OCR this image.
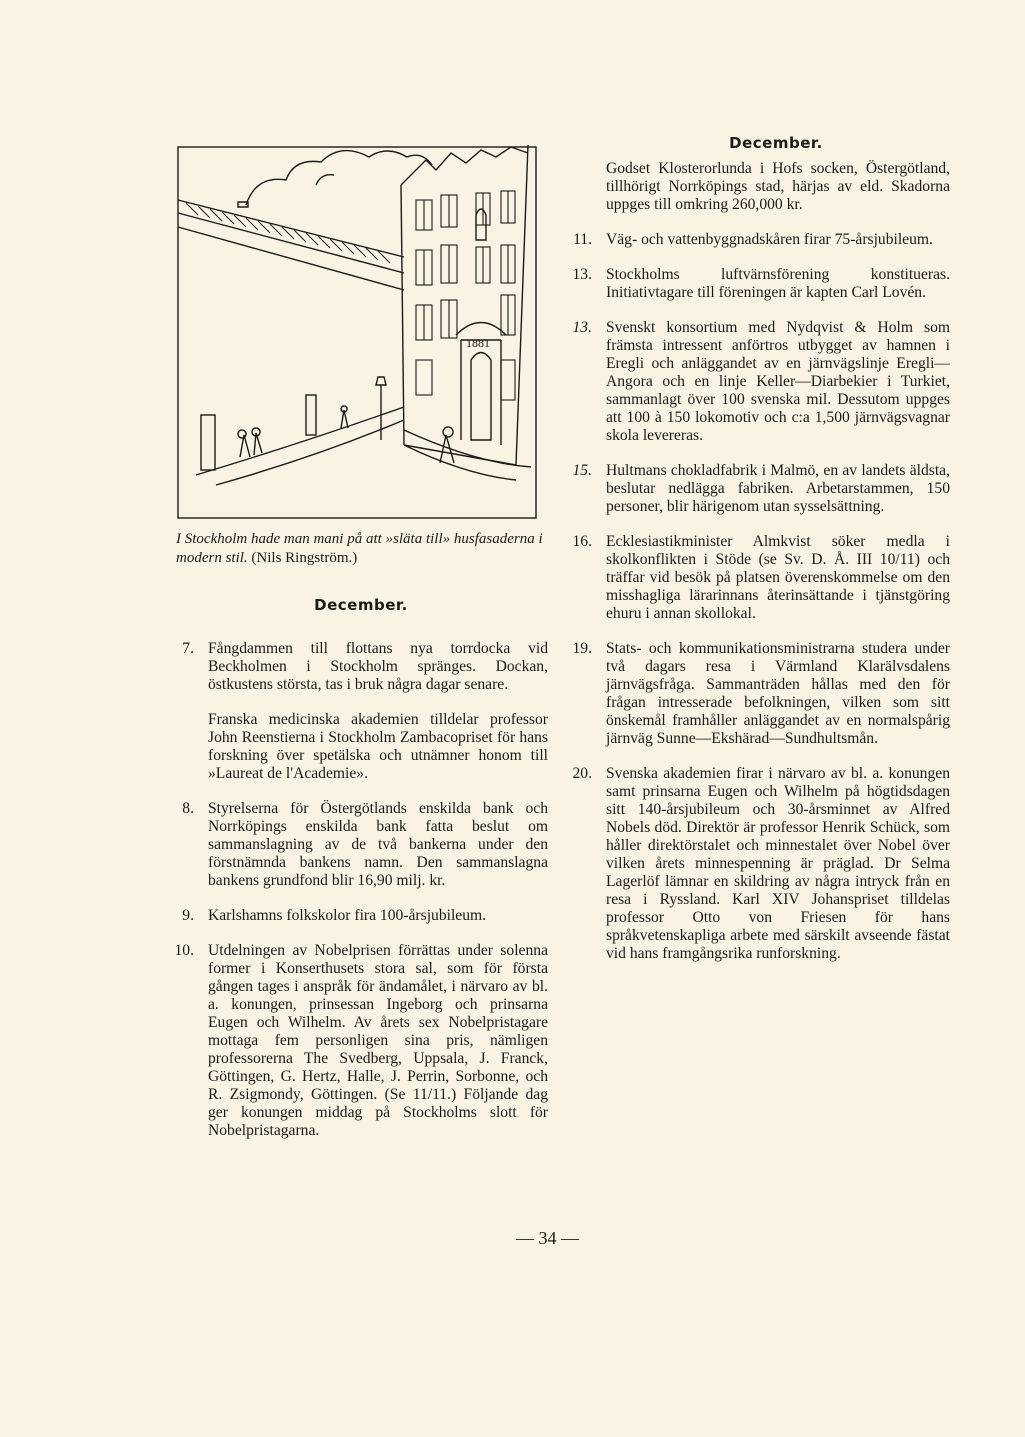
1881
I Stockholm hade man mani på att »släta till» husfasaderna i modern stil. (Nils Ringström.)
December.
December.
7. Fångdammen till flottans nya torrdocka vid Beckholmen i Stockholm spränges. Dockan, östkustens största, tas i bruk några dagar senare.

Franska medicinska akademien tilldelar professor John Reenstierna i Stockholm Zambacopriset för hans forskning över spetälska och utnämner honom till »Laureat de l'Academie».

8. Styrelserna för Östergötlands enskilda bank och Norrköpings enskilda bank fatta beslut om sammanslagning av de två bankerna under den förstnämnda bankens namn. Den sammanslagna bankens grundfond blir 16,90 milj. kr.

9. Karlshamns folkskolor fira 100-årsjubileum.

10. Utdelningen av Nobelprisen förrättas under solenna former i Konserthusets stora sal, som för första gången tages i anspråk för ändamålet, i närvaro av bl. a. konungen, prinsessan Ingeborg och prinsarna Eugen och Wilhelm. Av årets sex Nobelpristagare mottaga fem personligen sina pris, nämligen professorerna The Svedberg, Uppsala, J. Franck, Göttingen, G. Hertz, Halle, J. Perrin, Sorbonne, och R. Zsigmondy, Göttingen. (Se 11/11.) Följande dag ger konungen middag på Stockholms slott för Nobelpristagarna.

Godset Klosterorlunda i Hofs socken, Östergötland, tillhörigt Norrköpings stad, härjas av eld. Skadorna uppges till omkring 260,000 kr.

11. Väg- och vattenbyggnadskåren firar 75-årsjubileum.

13. Stockholms luftvärnsförening konstitueras. Initiativtagare till föreningen är kapten Carl Lovén.

13. Svenskt konsortium med Nydqvist & Holm som främsta intressent anförtros utbygget av hamnen i Eregli och anläggandet av en järnvägslinje Eregli—Angora och en linje Keller—Diarbekier i Turkiet, sammanlagt över 100 svenska mil. Dessutom uppges att 100 à 150 lokomotiv och c:a 1,500 järnvägsvagnar skola levereras.

15. Hultmans chokladfabrik i Malmö, en av landets äldsta, beslutar nedlägga fabriken. Arbetarstammen, 150 personer, blir härigenom utan sysselsättning.

16. Ecklesiastikminister Almkvist söker medla i skolkonflikten i Stöde (se Sv. D. Å. III 10/11) och träffar vid besök på platsen överenskommelse om den misshagliga lärarinnans återinsättande i tjänstgöring ehuru i annan skollokal.

19. Stats- och kommunikationsministrarna studera under två dagars resa i Värmland Klarälvsdalens järnvägsfråga. Sammanträden hållas med den för frågan intresserade befolkningen, vilken som sitt önskemål framhåller anläggandet av en normalspårig järnväg Sunne—Ekshärad—Sundhultsmån.

20. Svenska akademien firar i närvaro av bl. a. konungen samt prinsarna Eugen och Wilhelm på högtidsdagen sitt 140-årsjubileum och 30-årsminnet av Alfred Nobels död. Direktör är professor Henrik Schück, som håller direktörstalet och minnestalet över Nobel över vilken årets minnespenning är präglad. Dr Selma Lagerlöf lämnar en skildring av några intryck från en resa i Ryssland. Karl XIV Johanspriset tilldelas professor Otto von Friesen för hans språkvetenskapliga arbete med särskilt avseende fästat vid hans framgångsrika runforskning.

— 34 —
